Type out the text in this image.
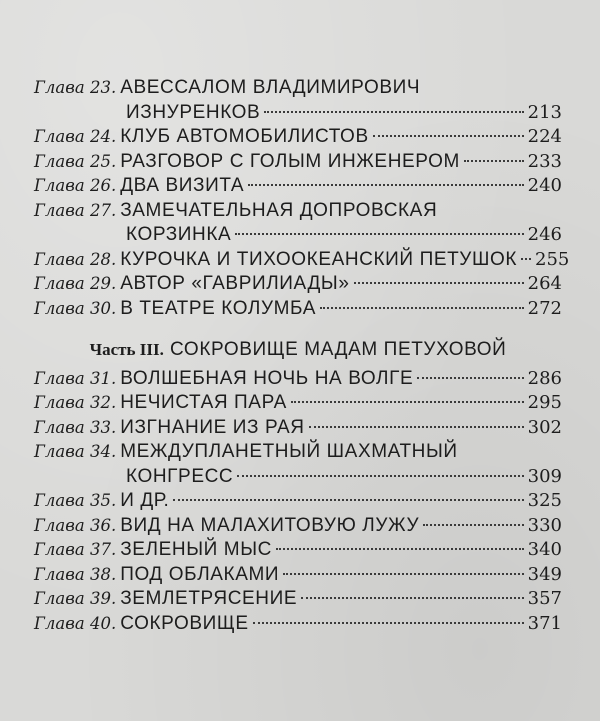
Глава 23. АВЕССАЛОМ ВЛАДИМИРОВИЧ
ИЗНУРЕНКОВ	213
Глава 24. КЛУБ АВТОМОБИЛИСТОВ	224
Глава 25. РАЗГОВОР С ГОЛЫМ ИНЖЕНЕРОМ	233
Глава 26. ДВА ВИЗИТА	240
Глава 27. ЗАМЕЧАТЕЛЬНАЯ ДОПРОВСКАЯ
КОРЗИНКА	246
Глава 28. КУРОЧКА И ТИХООКЕАНСКИЙ ПЕТУШОК 255
Глава 29. АВТОР «ГАВРИЛИАДЫ»	264
Глава 30. В ТЕАТРЕ КОЛУМБА	272
Часть III. СОКРОВИЩЕ МАДАМ ПЕТУХОВОЙ
Глава 31. ВОЛШЕБНАЯ НОЧЬ НА ВОЛГЕ	286
Глава 32. НЕЧИСТАЯ ПАРА	295
Глава 33. ИЗГНАНИЕ ИЗ РАЯ	302
Глава 34. МЕЖДУПЛАНЕТНЫЙ ШАХМАТНЫЙ
КОНГРЕСС	309
Глава 35. И ДР.	325
Глава 36. ВИД НА МАЛАХИТОВУЮ ЛУЖУ	330
Глава 37. ЗЕЛЕНЫЙ МЫС	340
Глава 38. ПОД ОБЛАКАМИ	349
Глава 39. ЗЕМЛЕТРЯСЕНИЕ	357
Глава 40. СОКРОВИЩЕ	371
